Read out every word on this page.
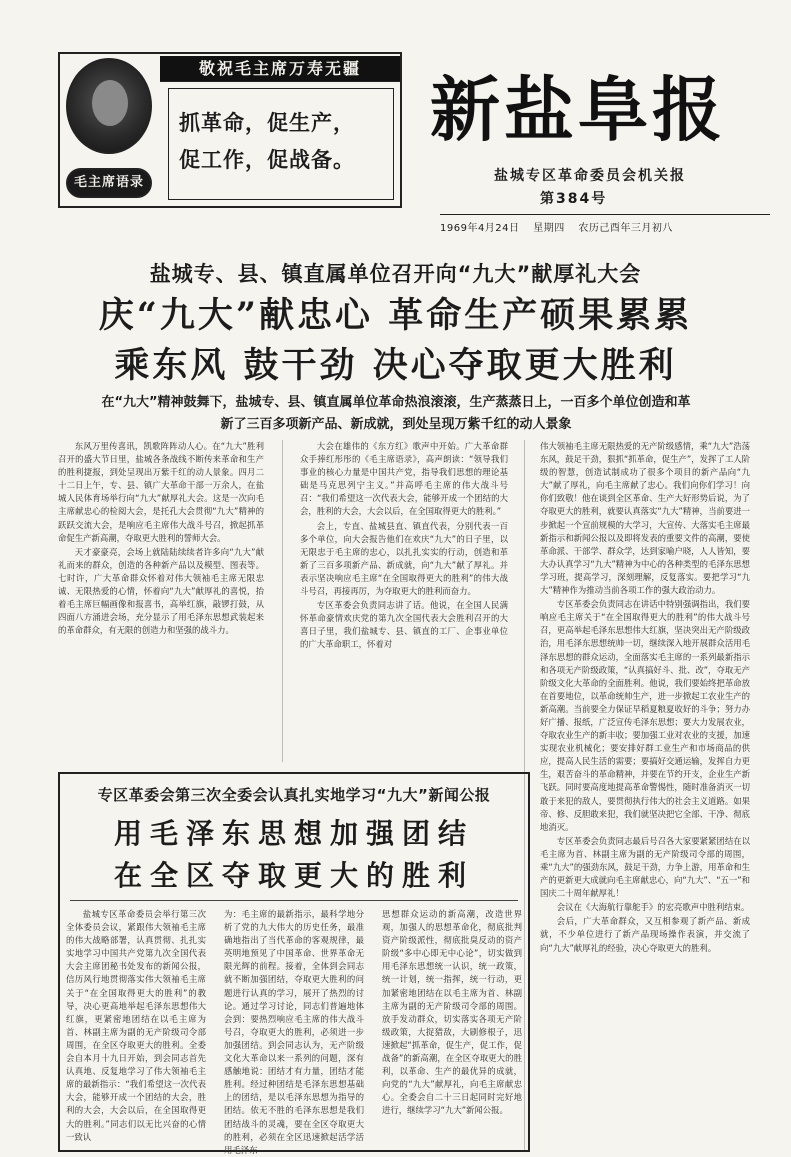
敬祝毛主席万寿无疆
毛主席语录
抓革命，促生产，
促工作，促战备。
新盐阜报
盐城专区革命委员会机关报
第384号
1969年4月24日 星期四 农历己酉年三月初八
盐城专、县、镇直属单位召开向“九大”献厚礼大会
庆“九大”献忠心 革命生产硕果累累
乘东风 鼓干劲 决心夺取更大胜利
在“九大”精神鼓舞下，盐城专、县、镇直属单位革命热浪滚滚，生产蒸蒸日上，一百多个单位创造和革新了三百多项新产品、新成就，到处呈现万紫千红的动人景象

东风万里传喜讯，凯歌阵阵动人心。在“九大”胜利召开的盛大节日里，盐城各条战线不断传来革命和生产的胜利捷报，到处呈现出万紫千红的动人景象。四月二十二日上午，专、县、镇广大革命干部一万余人，在盐城人民体育场举行向“九大”献厚礼大会。这是一次向毛主席献忠心的检阅大会，是托孔大会贯彻“九大”精神的跃跃交流大会，是响应毛主席伟大战斗号召，掀起抓革命促生产新高潮，夺取更大胜利的誓师大会。

天才豪豪亮，会场上就陆陆续续者许多向“九大”献礼而来的群众，创造的各种新产品以及模型、图表等。七时许，广大革命群众怀着对伟大领袖毛主席无限忠诚、无限热爱的心情，怀着向“九大”献厚礼的喜悦，抬着毛主席巨幅画像和报喜书，高举红旗，敲锣打鼓，从四面八方涌进会场，充分显示了用毛泽东思想武装起来的革命群众，有无限的创造力和坚强的战斗力。

大会在雄伟的《东方红》歌声中开始。广大革命群众手捧红彤彤的《毛主席语录》，高声朗读：“领导我们事业的核心力量是中国共产党，指导我们思想的理论基础是马克思列宁主义。”并高呼毛主席的伟大战斗号召：“我们希望这一次代表大会，能够开成一个团结的大会，胜利的大会，大会以后，在全国取得更大的胜利。”

会上，专直、盐城县直、镇直代表，分别代表一百多个单位，向大会报告他们在欢庆“九大”的日子里，以无限忠于毛主席的忠心，以扎扎实实的行动，创造和革新了三百多项新产品、新成就，向“九大”献了厚礼。并表示坚决响应毛主席“在全国取得更大的胜利”的伟大战斗号召，再接再厉，为夺取更大的胜利而奋力。

专区革委会负责同志讲了话。他说，在全国人民满怀革命豪情欢庆党的第九次全国代表大会胜利召开的大喜日子里，我们盐城专、县、镇直的工厂、企事业单位的广大革命职工，怀着对

伟大领袖毛主席无限热爱的无产阶级感情，乘“九大”浩荡东风，鼓足干劲，狠抓“抓革命，促生产”，发挥了工人阶级的智慧，创造试制成功了很多个项目的新产品向“九大”献了厚礼，向毛主席献了忠心。我们向你们学习！向你们致敬！他在谈到全区革命、生产大好形势后说，为了夺取更大的胜利，就要认真落实“九大”精神，当前要进一步掀起一个宣前规模的大学习，大宣传、大落实毛主席最新指示和新闻公报以及即将发表的重要文件的高潮，要使革命派、干部学、群众学，达到家喻户晓，人人皆知，要大办认真学习“九大”精神为中心的各种类型的毛泽东思想学习班，提高学习，深刻理解，反复落实。要把学习“九大”精神作为推动当前各项工作的强大政治动力。

专区革委会负责同志在讲话中特别强调指出，我们要响应毛主席关于“在全国取得更大的胜利”的伟大战斗号召，更高举起毛泽东思想伟大红旗，坚决突出无产阶级政治，用毛泽东思想统帅一切，继续深入地开展群众活用毛泽东思想的群众运动，全面落实毛主席的一系列最新指示和各项无产阶级政策，“认真搞好斗、批、改”，夺取无产阶级文化大革命的全面胜利。他说，我们要始终把革命放在首要地位，以革命统帅生产，进一步掀起工农业生产的新高潮。当前要全力保证早稻夏粮夏收好的斗争；努力办好广播、报纸，广泛宣传毛泽东思想；要大力发展农业，夺取农业生产的新丰收；要加强工业对农业的支援，加速实现农业机械化；要安排好群工业生产和市场商品的供应，提高人民生活的需要；要搞好交通运输，发挥自力更生，艰苦奋斗的革命精神，并要在节约开支，企业生产新飞跃。同时要高度地提高革命警惕性，随时准备消灭一切敢于来犯的敌人，要贯彻执行伟大的社会主义道路。如果帝、修、反胆敢来犯，我们就坚决把它全部、干净、彻底地消灭。

专区革委会负责同志最后号召各大家要紧紧团结在以毛主席为首、林副主席为副的无产阶级司令部的周围，乘“九大”的强劲东风，鼓足干劲，力争上游，用革命和生产的更新更大成就向毛主席献忠心，向“九大”、“五一”和国庆二十周年献厚礼！

会议在《大海航行靠舵手》的宏亮歌声中胜利结束。

会后，广大革命群众，又互相参观了新产品、新成就，不少单位进行了新产品现场操作表演，并交流了向“九大”献厚礼的经验，决心夺取更大的胜利。

专区革委会第三次全委会认真扎实地学习“九大”新闻公报
用毛泽东思想加强团结
在全区夺取更大的胜利

盐城专区革命委员会举行第三次全体委员会议，紧跟伟大领袖毛主席的伟大战略部署，认真贯彻、扎扎实实地学习中国共产党第九次全国代表大会主席团秘书处发布的新闻公报，信历风行地贯彻落实伟大领袖毛主席关于“在全国取得更大的胜利”的教导，决心更高地举起毛泽东思想伟大红旗，更紧密地团结在以毛主席为首、林副主席为副的无产阶级司令部周围，在全区夺取更大的胜利。全委会自本月十九日开始，到会同志首先认真地、反复地学习了伟大领袖毛主席的最新指示：“我们希望这一次代表大会，能够开成一个团结的大会，胜利的大会，大会以后，在全国取得更大的胜利。”同志们以无比兴奋的心情一致认

为：毛主席的最新指示，最科学地分析了党的九大伟大的历史任务，最准确地指出了当代革命的客观规律，最英明地预见了中国革命、世界革命无限光辉的前程。接着，全体到会同志就不断加强团结，夺取更大胜利的问题进行认真的学习，展开了热烈的讨论。通过学习讨论，同志们普遍地体会到：要热烈响应毛主席的伟大战斗号召，夺取更大的胜利，必须进一步加强团结。到会同志认为，无产阶级文化大革命以来一系列的问题，深有感触地说：团结才有力量，团结才能胜利。经过种团结是毛泽东思想基础上的团结，是以毛泽东思想为指导的团结。依无不胜的毛泽东思想是我们团结战斗的灵魂，要在全区夺取更大的胜利，必须在全区迅速掀起活学活用毛泽东

思想群众运动的新高潮，改造世界观，加强人的思想革命化，彻底批判资产阶级派性，彻底批臭反动的资产阶级“多中心即无中心论”，切实做到用毛泽东思想统一认识，统一政策，统一计划，统一指挥，统一行动，更加紧密地团结在以毛主席为首、林副主席为副的无产阶级司令部的周围。放手发动群众，切实落实各项无产阶级政策，大捉猎敌，大刷修根子，迅速掀起“抓革命，促生产，促工作，促战备”的新高潮，在全区夺取更大的胜利，以革命、生产的最优异的成就，向党的“九大”献厚礼，向毛主席献忠心。全委会自二十三日起同时完好地进行，继续学习“九大”新闻公报。
